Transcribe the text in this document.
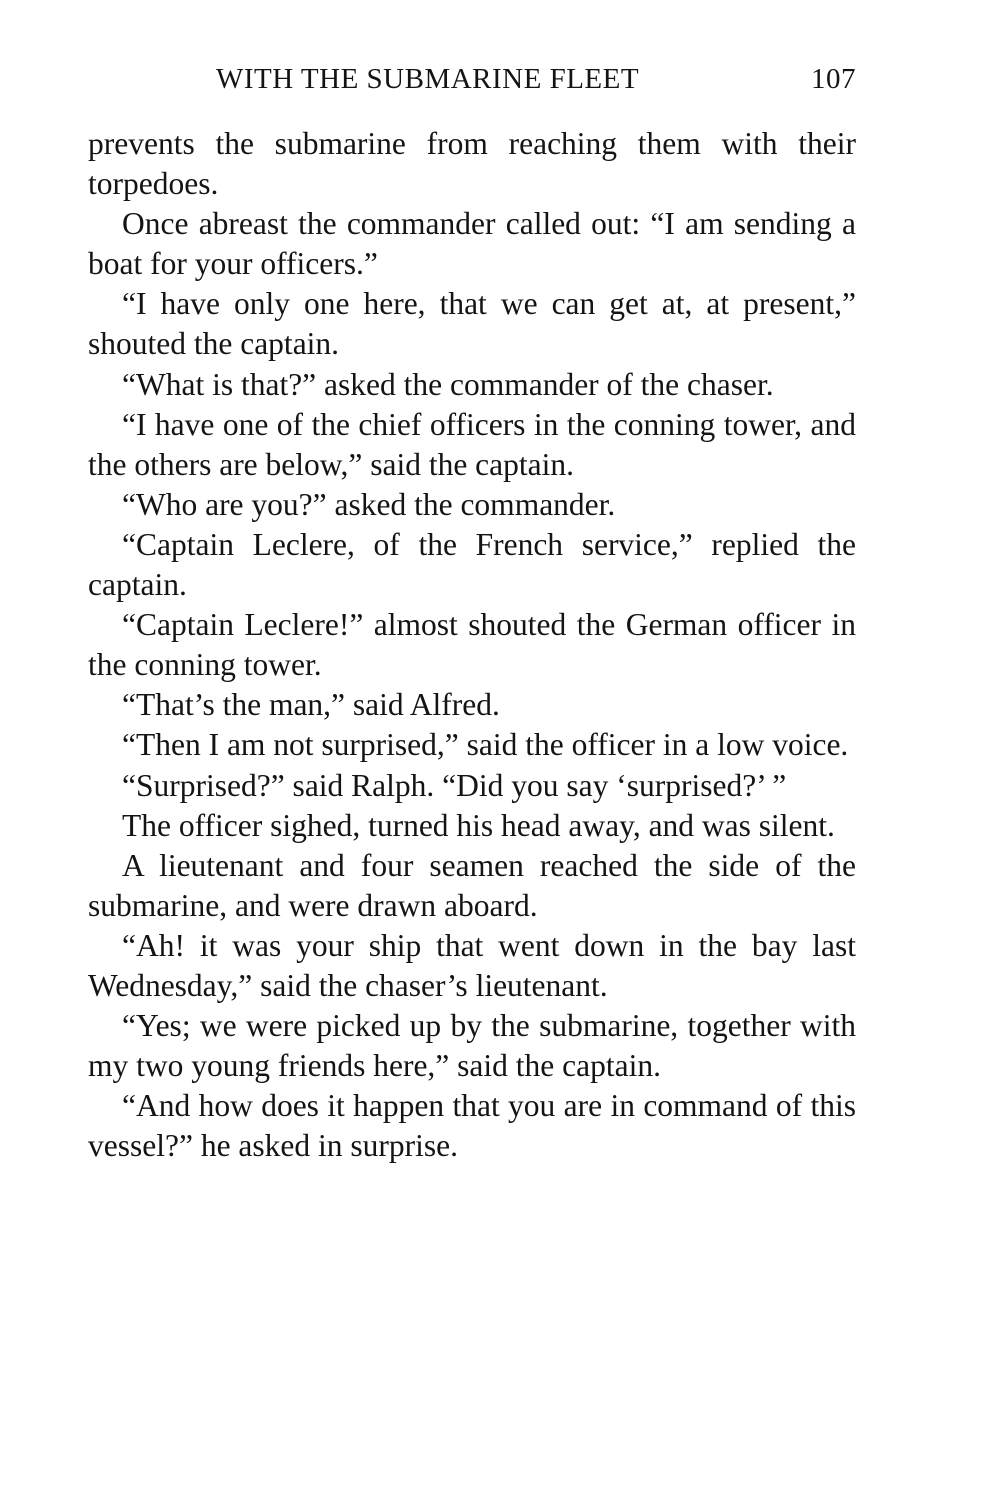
WITH THE SUBMARINE FLEET	107

prevents the submarine from reaching them with their torpedoes.

Once abreast the commander called out: “I am sending a boat for your officers.”

“I have only one here, that we can get at, at present,” shouted the captain.

“What is that?” asked the commander of the chaser.

“I have one of the chief officers in the conning tower, and the others are below,” said the captain.

“Who are you?” asked the commander.

“Captain Leclere, of the French service,” replied the captain.

“Captain Leclere!” almost shouted the German officer in the conning tower.

“That’s the man,” said Alfred.

“Then I am not surprised,” said the officer in a low voice.

“Surprised?” said Ralph. “Did you say ‘surprised?’ ”

The officer sighed, turned his head away, and was silent.

A lieutenant and four seamen reached the side of the submarine, and were drawn aboard.

“Ah! it was your ship that went down in the bay last Wednesday,” said the chaser’s lieutenant.

“Yes; we were picked up by the submarine, together with my two young friends here,” said the captain.

“And how does it happen that you are in command of this vessel?” he asked in surprise.
